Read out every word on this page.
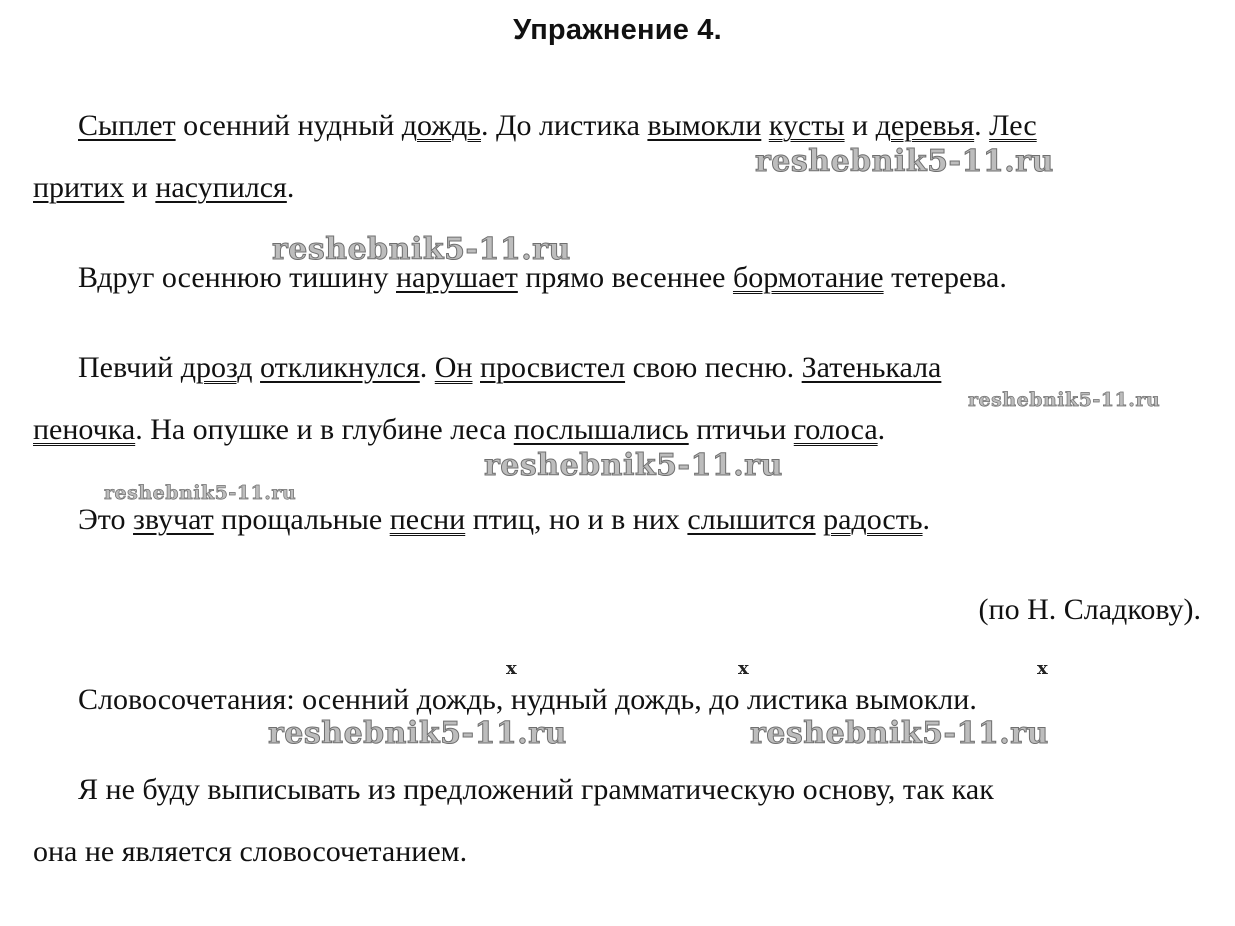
Упражнение 4.
Сыплет осенний нудный дождь. До листика вымокли кусты и деревья. Лес
притих и насупился.
Вдруг осеннюю тишину нарушает прямо весеннее бормотание тетерева.
Певчий дрозд откликнулся. Он просвистел свою песню. Затенькала
пеночка. На опушке и в глубине леса послышались птичьи голоса.
Это звучат прощальные песни птиц, но и в них слышится радость.
(по Н. Сладкову).
x	x	x
Словосочетания: осенний дождь, нудный дождь, до листика вымокли.
Я не буду выписывать из предложений грамматическую основу, так как
она не является словосочетанием.
reshebnik5-11.ru
reshebnik5-11.ru
reshebnik5-11.ru
reshebnik5-11.ru
reshebnik5-11.ru
reshebnik5-11.ru	reshebnik5-11.ru
